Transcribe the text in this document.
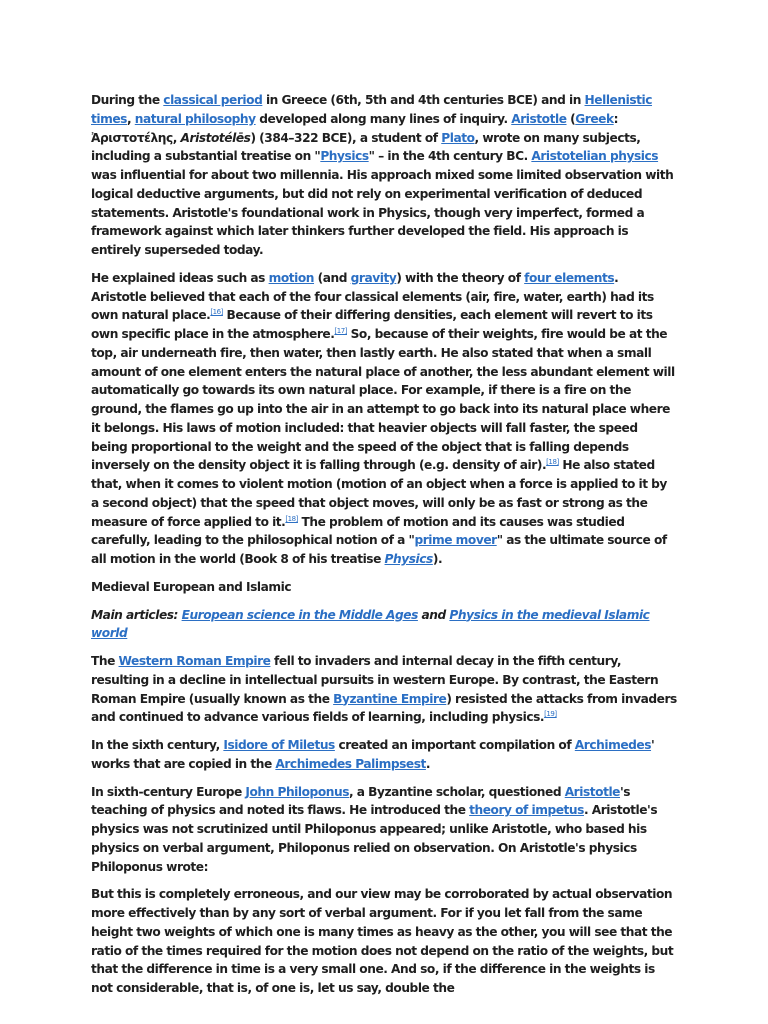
During the classical period in Greece (6th, 5th and 4th centuries BCE) and in Hellenistic times, natural philosophy developed along many lines of inquiry. Aristotle (Greek: Ἀριστοτέλης, Aristotélēs) (384–322 BCE), a student of Plato, wrote on many subjects, including a substantial treatise on "Physics" – in the 4th century BC. Aristotelian physics was influential for about two millennia. His approach mixed some limited observation with logical deductive arguments, but did not rely on experimental verification of deduced statements. Aristotle's foundational work in Physics, though very imperfect, formed a framework against which later thinkers further developed the field. His approach is entirely superseded today.

He explained ideas such as motion (and gravity) with the theory of four elements. Aristotle believed that each of the four classical elements (air, fire, water, earth) had its own natural place.[16] Because of their differing densities, each element will revert to its own specific place in the atmosphere.[17] So, because of their weights, fire would be at the top, air underneath fire, then water, then lastly earth. He also stated that when a small amount of one element enters the natural place of another, the less abundant element will automatically go towards its own natural place. For example, if there is a fire on the ground, the flames go up into the air in an attempt to go back into its natural place where it belongs. His laws of motion included: that heavier objects will fall faster, the speed being proportional to the weight and the speed of the object that is falling depends inversely on the density object it is falling through (e.g. density of air).[18] He also stated that, when it comes to violent motion (motion of an object when a force is applied to it by a second object) that the speed that object moves, will only be as fast or strong as the measure of force applied to it.[18] The problem of motion and its causes was studied carefully, leading to the philosophical notion of a "prime mover" as the ultimate source of all motion in the world (Book 8 of his treatise Physics).

Medieval European and Islamic

Main articles: European science in the Middle Ages and Physics in the medieval Islamic world

The Western Roman Empire fell to invaders and internal decay in the fifth century, resulting in a decline in intellectual pursuits in western Europe. By contrast, the Eastern Roman Empire (usually known as the Byzantine Empire) resisted the attacks from invaders and continued to advance various fields of learning, including physics.[19]

In the sixth century, Isidore of Miletus created an important compilation of Archimedes' works that are copied in the Archimedes Palimpsest.

In sixth-century Europe John Philoponus, a Byzantine scholar, questioned Aristotle's teaching of physics and noted its flaws. He introduced the theory of impetus. Aristotle's physics was not scrutinized until Philoponus appeared; unlike Aristotle, who based his physics on verbal argument, Philoponus relied on observation. On Aristotle's physics Philoponus wrote:

But this is completely erroneous, and our view may be corroborated by actual observation more effectively than by any sort of verbal argument. For if you let fall from the same height two weights of which one is many times as heavy as the other, you will see that the ratio of the times required for the motion does not depend on the ratio of the weights, but that the difference in time is a very small one. And so, if the difference in the weights is not considerable, that is, of one is, let us say, double the
